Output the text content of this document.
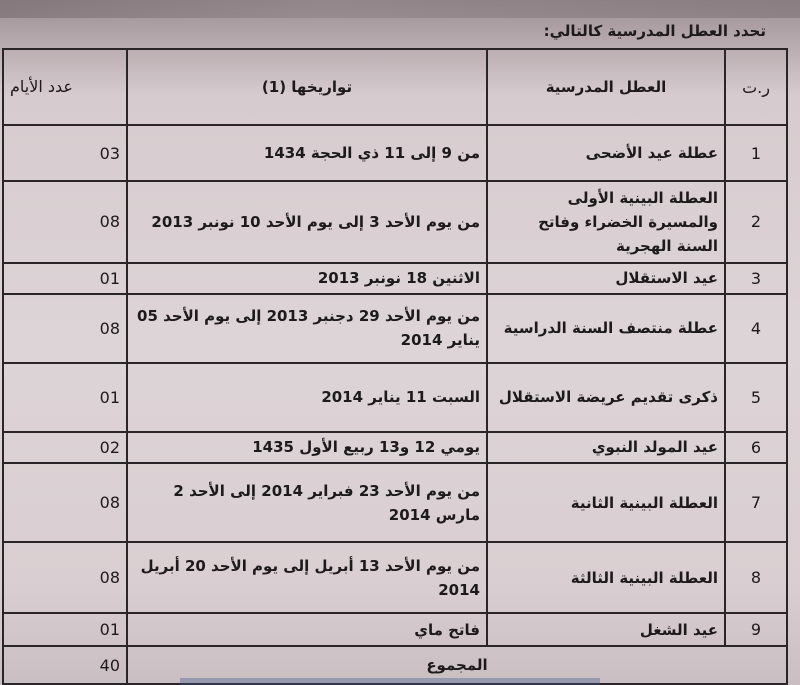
تحدد العطل المدرسية كالتالي:
ر.ت	العطل المدرسية	تواريخها (1)	عدد الأيام
1	عطلة عيد الأضحى	من 9 إلى 11 ذي الحجة 1434	03
2	العطلة البينية الأولى والمسيرة الخضراء وفاتح السنة الهجرية	من يوم الأحد 3 إلى يوم الأحد 10 نونبر 2013	08
3	عيد الاستقلال	الاثنين 18 نونبر 2013	01
4	عطلة منتصف السنة الدراسية	من يوم الأحد 29 دجنبر 2013 إلى يوم الأحد 05 يناير 2014	08
5	ذكرى تقديم عريضة الاستقلال	السبت 11 يناير 2014	01
6	عيد المولد النبوي	يومي 12 و13 ربيع الأول 1435	02
7	العطلة البينية الثانية	من يوم الأحد 23 فبراير 2014 إلى الأحد 2 مارس 2014	08
8	العطلة البينية الثالثة	من يوم الأحد 13 أبريل إلى يوم الأحد 20 أبريل 2014	08
9	عيد الشغل	فاتح ماي	01
المجموع			40
